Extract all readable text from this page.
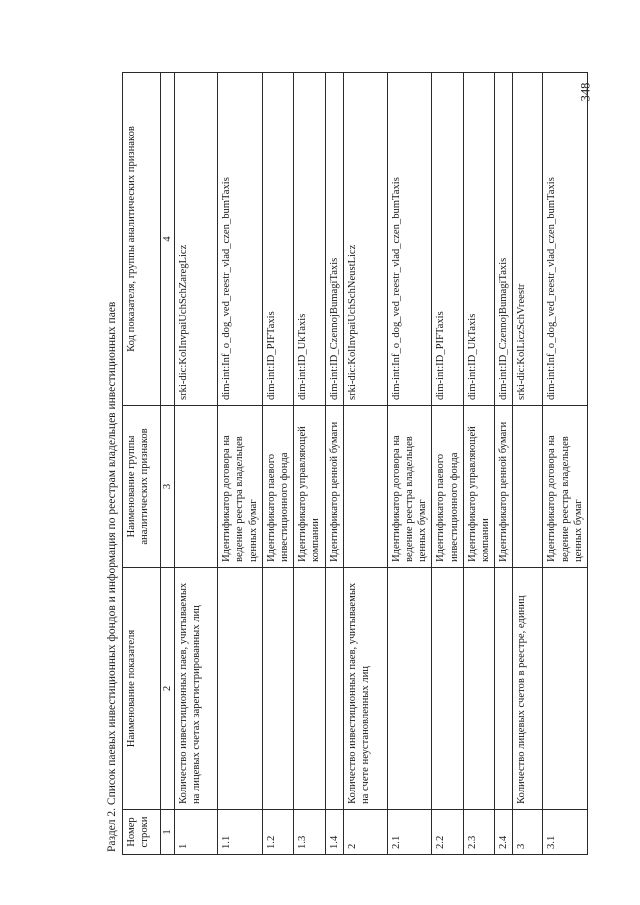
348
Раздел 2. Список паевых инвестиционных фондов и информация по реестрам владельцев инвестиционных паев Номер строки	Наименование показателя	Наименование группы аналитических признаков	Код показателя, группы аналитических признаков
1	2	3	4
1	Количество инвестиционных паев, учитываемых на лицевых счетах зарегистрированных лиц		srki-dic:KolInvpaiUchSchZaregLicz
1.1		Идентификатор договора на ведение реестра владельцев ценных бумаг	dim-int:Inf_o_dog_ved_reestr_vlad_czen_bumTaxis
1.2		Идентификатор паевого инвестиционного фонда	dim-int:ID_PIFTaxis
1.3		Идентификатор управляющей компании	dim-int:ID_UkTaxis
1.4		Идентификатор ценной бумаги	dim-int:ID_CzennojBumagiTaxis
2	Количество инвестиционных паев, учитываемых на счете неустановленных лиц		srki-dic:KolInvpaiUchSchNeustLicz
2.1		Идентификатор договора на ведение реестра владельцев ценных бумаг	dim-int:Inf_o_dog_ved_reestr_vlad_czen_bumTaxis
2.2		Идентификатор паевого инвестиционного фонда	dim-int:ID_PIFTaxis
2.3		Идентификатор управляющей компании	dim-int:ID_UkTaxis
2.4		Идентификатор ценной бумаги	dim-int:ID_CzennojBumagiTaxis
3	Количество лицевых счетов в реестре, единиц		srki-dic:KolLiczSchVreestr
3.1		Идентификатор договора на ведение реестра владельцев ценных бумаг	dim-int:Inf_o_dog_ved_reestr_vlad_czen_bumTaxis
